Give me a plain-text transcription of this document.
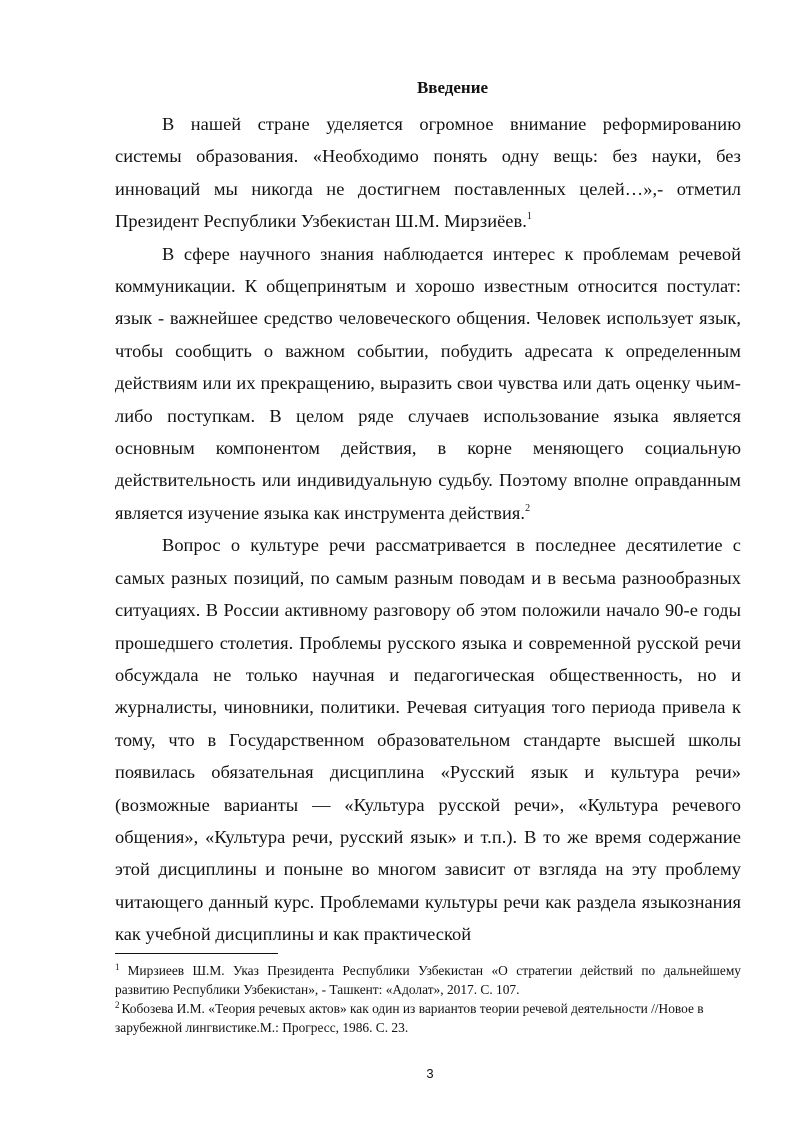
Введение

В нашей стране уделяется огромное внимание реформированию системы образования. «Необходимо понять одну вещь: без науки, без инноваций мы никогда не достигнем поставленных целей…»,- отметил Президент Республики Узбекистан Ш.М. Мирзиёев.$^1$

В сфере научного знания наблюдается интерес к проблемам речевой коммуникации. К общепринятым и хорошо известным относится постулат: язык - важнейшее средство человеческого общения. Человек использует язык, чтобы сообщить о важном событии, побудить адресата к определенным действиям или их прекращению, выразить свои чувства или дать оценку чьим-либо поступкам. В целом ряде случаев использование языка является основным компонентом действия, в корне меняющего социальную действительность или индивидуальную судьбу. Поэтому вполне оправданным является изучение языка как инструмента действия.$^2$

Вопрос о культуре речи рассматривается в последнее десятилетие с самых разных позиций, по самым разным поводам и в весьма разнообразных ситуациях. В России активному разговору об этом положили начало 90-е годы прошедшего столетия. Проблемы русского языка и современной русской речи обсуждала не только научная и педагогическая общественность, но и журналисты, чиновники, политики. Речевая ситуация того периода привела к тому, что в Государственном образовательном стандарте высшей школы появилась обязательная дисциплина «Русский язык и культура речи» (возможные варианты — «Культура русской речи», «Культура речевого общения», «Культура речи, русский язык» и т.п.). В то же время содержание этой дисциплины и поныне во многом зависит от взгляда на эту проблему читающего данный курс. Проблемами культуры речи как раздела языкознания как учебной дисциплины и как практической

$^1$ Мирзиеев Ш.М. Указ Президента Республики Узбекистан «О стратегии действий по дальнейшему развитию Республики Узбекистан», - Ташкент: «Адолат», 2017. С. 107.

$^2$ Кобозева И.М. «Теория речевых актов» как один из вариантов теории речевой деятельности //Новое в зарубежной лингвистике.М.: Прогресс, 1986. С. 23.

3
